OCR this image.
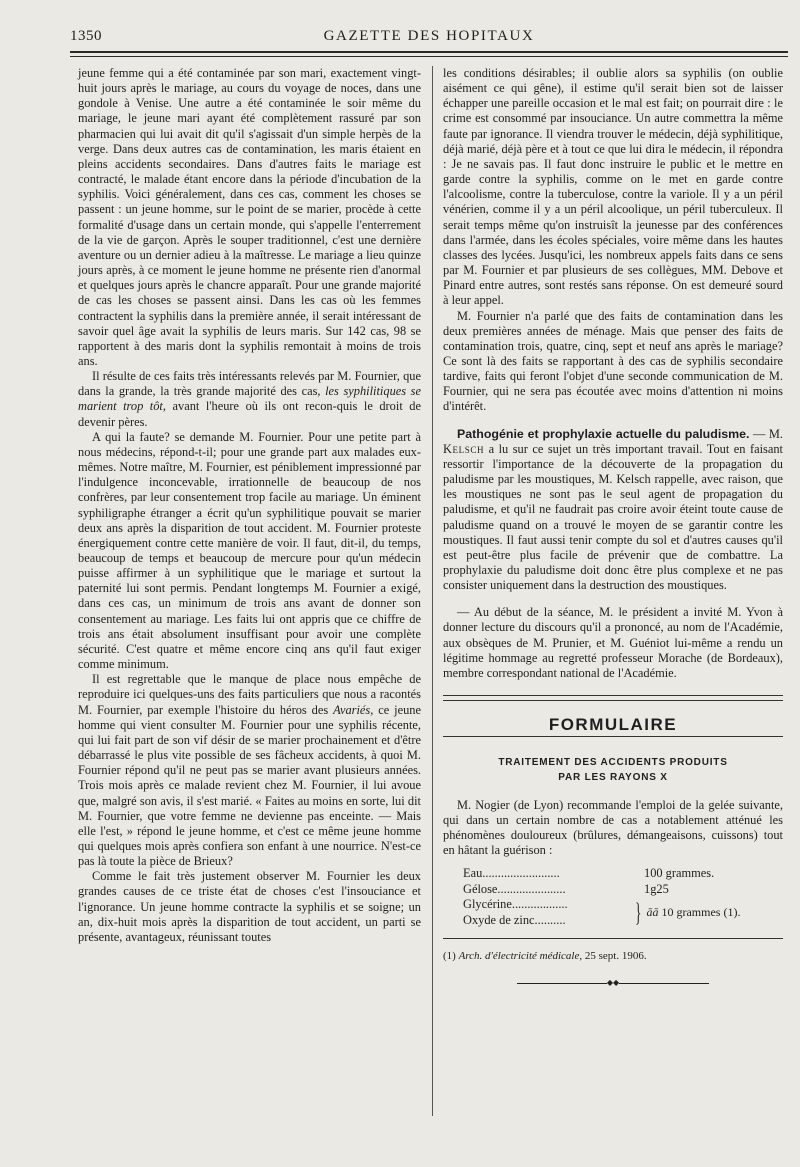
1350	GAZETTE DES HOPITAUX

jeune femme qui a été contaminée par son mari, exactement vingt-huit jours après le mariage, au cours du voyage de noces, dans une gondole à Venise. Une autre a été contaminée le soir même du mariage, le jeune mari ayant été complètement rassuré par son pharmacien qui lui avait dit qu'il s'agissait d'un simple herpès de la verge. Dans deux autres cas de contamination, les maris étaient en pleins accidents secondaires. Dans d'autres faits le mariage est contracté, le malade étant encore dans la période d'incubation de la syphilis. Voici généralement, dans ces cas, comment les choses se passent : un jeune homme, sur le point de se marier, procède à cette formalité d'usage dans un certain monde, qui s'appelle l'enterrement de la vie de garçon. Après le souper traditionnel, c'est une dernière aventure ou un dernier adieu à la maîtresse. Le mariage a lieu quinze jours après, à ce moment le jeune homme ne présente rien d'anormal et quelques jours après le chancre apparaît. Pour une grande majorité de cas les choses se passent ainsi. Dans les cas où les femmes contractent la syphilis dans la première année, il serait intéressant de savoir quel âge avait la syphilis de leurs maris. Sur 142 cas, 98 se rapportent à des maris dont la syphilis remontait à moins de trois ans.

Il résulte de ces faits très intéressants relevés par M. Fournier, que dans la grande, la très grande majorité des cas, les syphilitiques se marient trop tôt, avant l'heure où ils ont recon-quis le droit de devenir pères.

A qui la faute? se demande M. Fournier. Pour une petite part à nous médecins, répond-t-il; pour une grande part aux malades eux-mêmes. Notre maître, M. Fournier, est péniblement impressionné par l'indulgence inconcevable, irrationnelle de beaucoup de nos confrères, par leur consentement trop facile au mariage. Un éminent syphiligraphe étranger a écrit qu'un syphilitique pouvait se marier deux ans après la disparition de tout accident. M. Fournier proteste énergiquement contre cette manière de voir. Il faut, dit-il, du temps, beaucoup de temps et beaucoup de mercure pour qu'un médecin puisse affirmer à un syphilitique que le mariage et surtout la paternité lui sont permis. Pendant longtemps M. Fournier a exigé, dans ces cas, un minimum de trois ans avant de donner son consentement au mariage. Les faits lui ont appris que ce chiffre de trois ans était absolument insuffisant pour avoir une complète sécurité. C'est quatre et même encore cinq ans qu'il faut exiger comme minimum.

Il est regrettable que le manque de place nous empêche de reproduire ici quelques-uns des faits particuliers que nous a racontés M. Fournier, par exemple l'histoire du héros des Avariés, ce jeune homme qui vient consulter M. Fournier pour une syphilis récente, qui lui fait part de son vif désir de se marier prochainement et d'être débarrassé le plus vite possible de ses fâcheux accidents, à quoi M. Fournier répond qu'il ne peut pas se marier avant plusieurs années. Trois mois après ce malade revient chez M. Fournier, il lui avoue que, malgré son avis, il s'est marié. « Faites au moins en sorte, lui dit M. Fournier, que votre femme ne devienne pas enceinte. — Mais elle l'est, » répond le jeune homme, et c'est ce même jeune homme qui quelques mois après confiera son enfant à une nourrice. N'est-ce pas là toute la pièce de Brieux?

Comme le fait très justement observer M. Fournier les deux grandes causes de ce triste état de choses c'est l'insouciance et l'ignorance. Un jeune homme contracte la syphilis et se soigne; un an, dix-huit mois après la disparition de tout accident, un parti se présente, avantageux, réunissant toutes

les conditions désirables; il oublie alors sa syphilis (on oublie aisément ce qui gêne), il estime qu'il serait bien sot de laisser échapper une pareille occasion et le mal est fait; on pourrait dire : le crime est consommé par insouciance. Un autre commettra la même faute par ignorance. Il viendra trouver le médecin, déjà syphilitique, déjà marié, déjà père et à tout ce que lui dira le médecin, il répondra : Je ne savais pas. Il faut donc instruire le public et le mettre en garde contre la syphilis, comme on le met en garde contre l'alcoolisme, contre la tuberculose, contre la variole. Il y a un péril vénérien, comme il y a un péril alcoolique, un péril tuberculeux. Il serait temps même qu'on instruisît la jeunesse par des conférences dans l'armée, dans les écoles spéciales, voire même dans les hautes classes des lycées. Jusqu'ici, les nombreux appels faits dans ce sens par M. Fournier et par plusieurs de ses collègues, MM. Debove et Pinard entre autres, sont restés sans réponse. On est demeuré sourd à leur appel.

M. Fournier n'a parlé que des faits de contamination dans les deux premières années de ménage. Mais que penser des faits de contamination trois, quatre, cinq, sept et neuf ans après le mariage? Ce sont là des faits se rapportant à des cas de syphilis secondaire tardive, faits qui feront l'objet d'une seconde communication de M. Fournier, qui ne sera pas écoutée avec moins d'attention ni moins d'intérêt.

Pathogénie et prophylaxie actuelle du paludisme. — M. Kelsch a lu sur ce sujet un très important travail. Tout en faisant ressortir l'importance de la découverte de la propagation du paludisme par les moustiques, M. Kelsch rappelle, avec raison, que les moustiques ne sont pas le seul agent de propagation du paludisme, et qu'il ne faudrait pas croire avoir éteint toute cause de paludisme quand on a trouvé le moyen de se garantir contre les moustiques. Il faut aussi tenir compte du sol et d'autres causes qu'il est peut-être plus facile de prévenir que de combattre. La prophylaxie du paludisme doit donc être plus complexe et ne pas consister uniquement dans la destruction des moustiques.

— Au début de la séance, M. le président a invité M. Yvon à donner lecture du discours qu'il a prononcé, au nom de l'Académie, aux obsèques de M. Prunier, et M. Guéniot lui-même a rendu un légitime hommage au regretté professeur Morache (de Bordeaux), membre correspondant national de l'Académie.

FORMULAIRE
TRAITEMENT DES ACCIDENTS PRODUITS
PAR LES RAYONS X

M. Nogier (de Lyon) recommande l'emploi de la gelée suivante, qui dans un certain nombre de cas a notablement atténué les phénomènes douloureux (brûlures, démangeaisons, cuissons) tout en hâtant la guérison :

Eau.........................	100 grammes.
Gélose......................	1g25
Glycérine..................
Oxyde de zinc..........	} āā 10 grammes (1).
(1) Arch. d'électricité médicale, 25 sept. 1906.
◆◆
